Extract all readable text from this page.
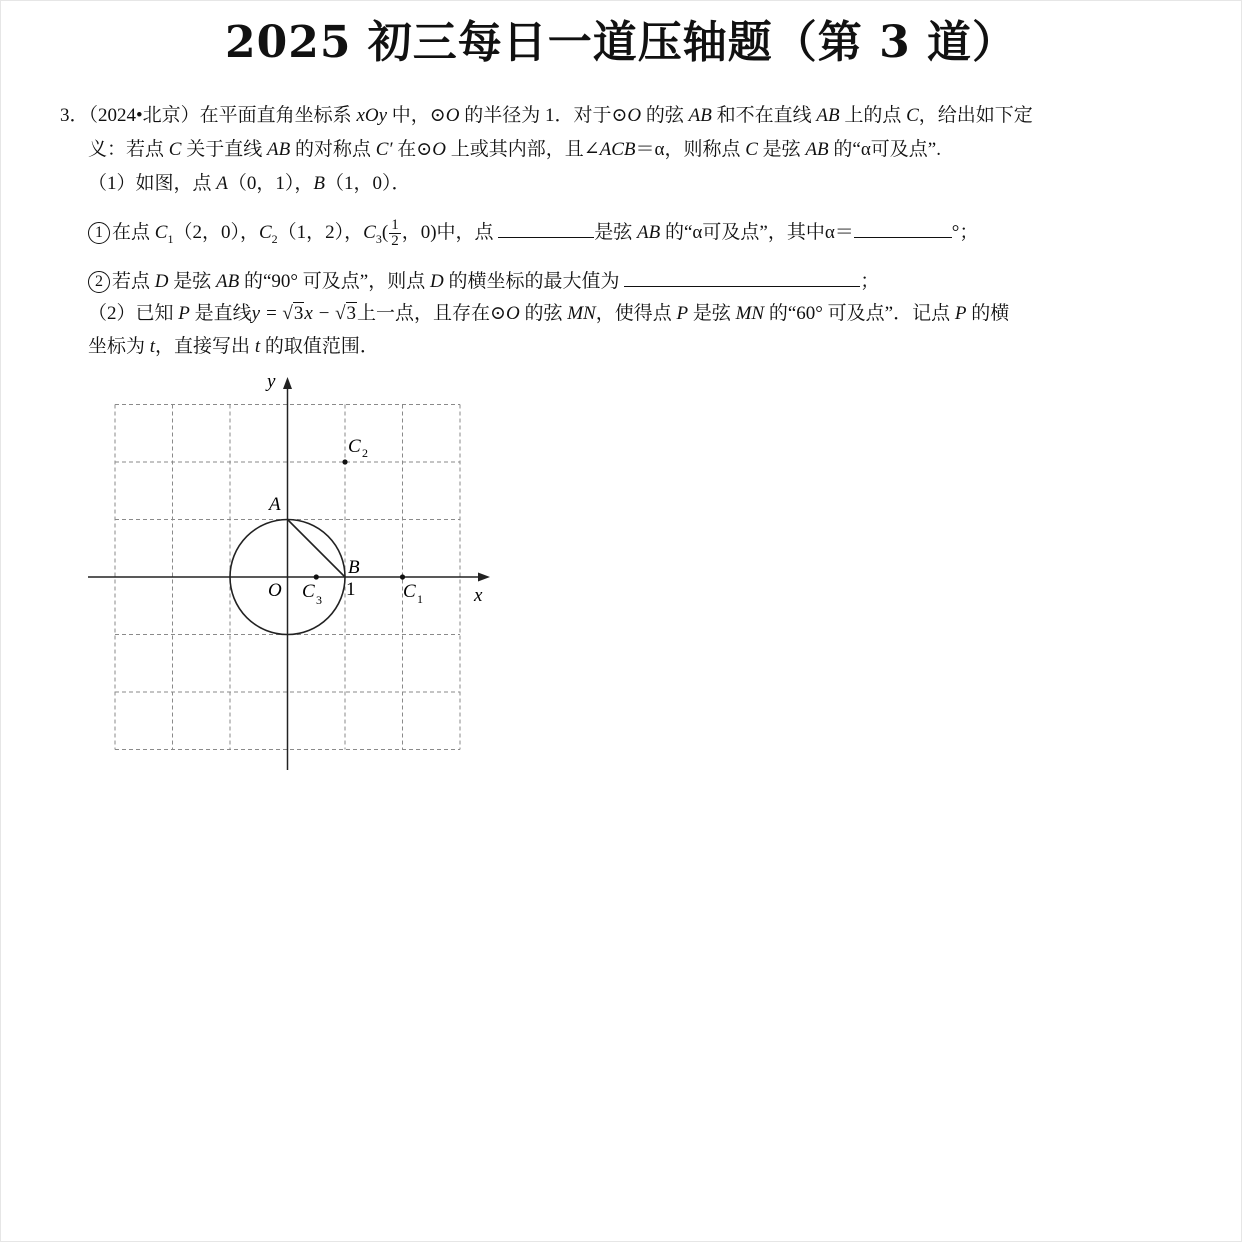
2025 初三每日一道压轴题（第 3 道）
3．（2024•北京）在平面直角坐标系 xOy 中，⊙O 的半径为 1．对于⊙O 的弦 AB 和不在直线 AB 上的点 C，给出如下定
义：若点 C 关于直线 AB 的对称点 C′ 在⊙O 上或其内部，且∠ACB＝α，则称点 C 是弦 AB 的“α可及点”.
（1）如图，点 A（0，1），B（1，0）．
1 在点 $C_1(2$，0），$C_2(1$，2），$C_3( \frac{1}{2}$ ，0)中，点	是弦 AB 的“α可及点”，其中α＝	°；
2 若点 D 是弦 AB 的“90° 可及点”，则点 D 的横坐标的最大值为	；
（2）已知 P 是直线y = √3x − √3上一点，且存在⊙O 的弦 MN，使得点 P 是弦 MN 的“60° 可及点”．记点 P 的横
坐标为 t，直接写出 t 的取值范围．
y
x
O
A
B
1
C 2
C 1
C 3
